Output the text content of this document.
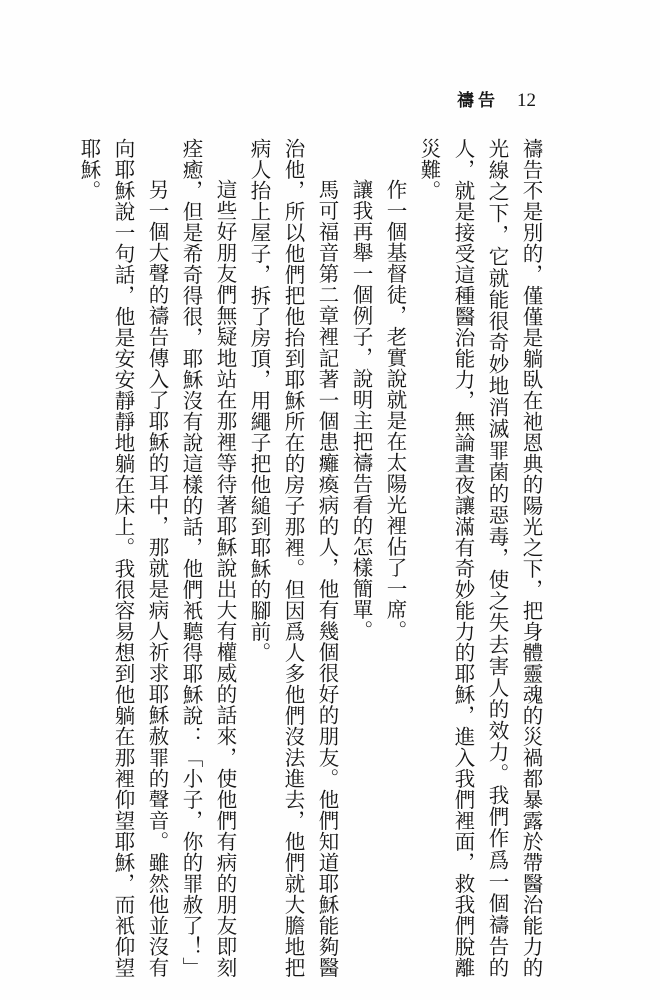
禱告 12

禱告不是別的，僅僅是躺臥在祂恩典的陽光之下，把身體靈魂的災禍都暴露於帶醫治能力的光線之下，它就能很奇妙地消滅罪菌的惡毒，使之失去害人的效力。我們作爲一個禱告的人，就是接受這種醫治能力，無論晝夜讓滿有奇妙能力的耶穌，進入我們裡面，救我們脫離災難。

作一個基督徒，老實說就是在太陽光裡佔了一席。

讓我再舉一個例子，說明主把禱告看的怎樣簡單。

馬可福音第二章裡記著一個患癱瘓病的人，他有幾個很好的朋友。他們知道耶穌能夠醫治他，所以他們把他抬到耶穌所在的房子那裡。但因爲人多他們沒法進去，他們就大膽地把病人抬上屋子，拆了房頂，用繩子把他縋到耶穌的腳前。

這些好朋友們無疑地站在那裡等待著耶穌說出大有權威的話來，使他們有病的朋友即刻痊癒，但是希奇得很，耶穌沒有說這樣的話，他們衹聽得耶穌說：「小子，你的罪赦了！」

另一個大聲的禱告傳入了耶穌的耳中，那就是病人祈求耶穌赦罪的聲音。雖然他並沒有向耶穌說一句話，他是安安靜靜地躺在床上。我很容易想到他躺在那裡仰望耶穌，而衹仰望耶穌。
